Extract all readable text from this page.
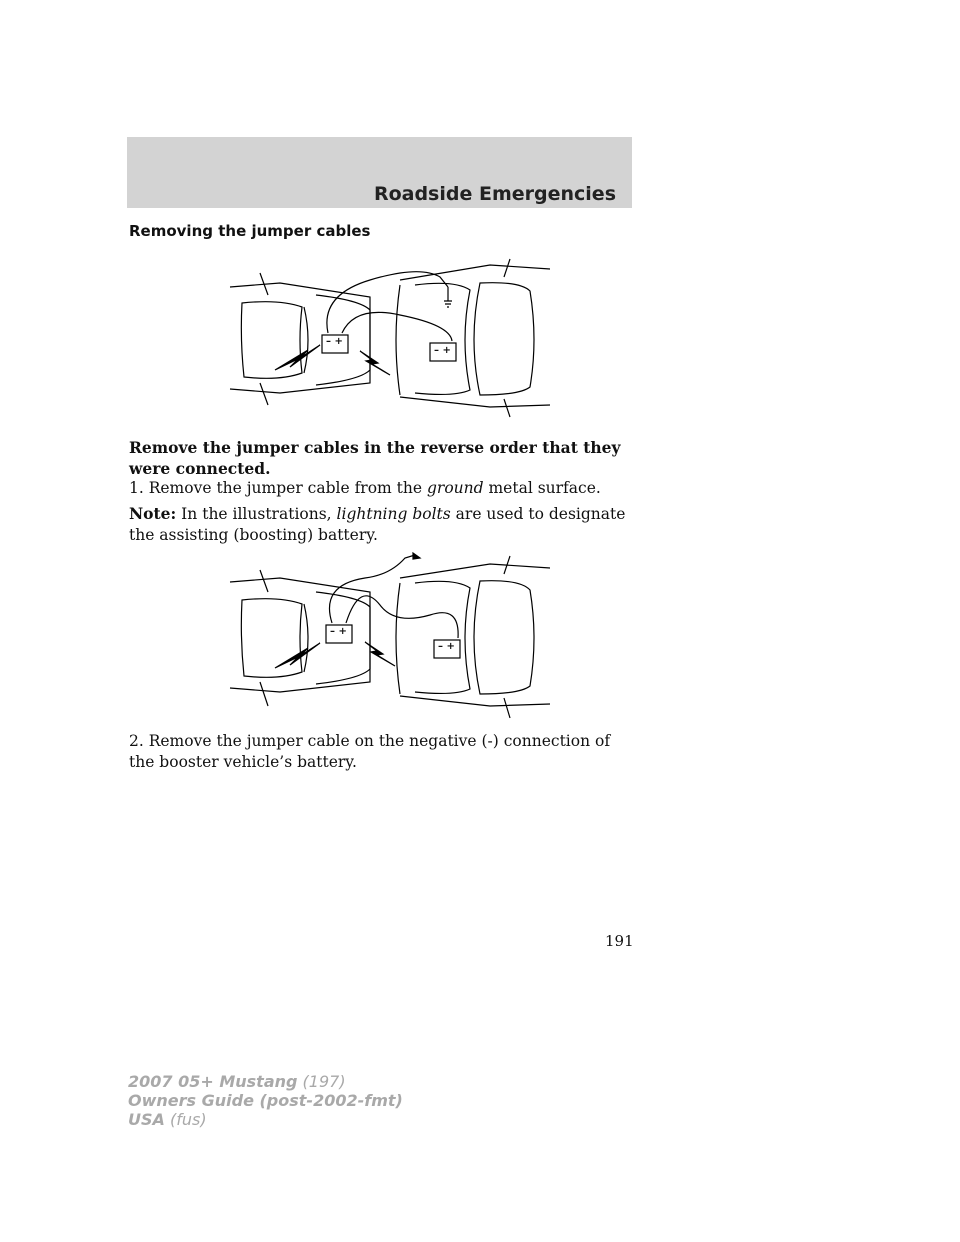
Roadside Emergencies
Removing the jumper cables
– +
– +

Remove the jumper cables in the reverse order that they were connected.

1. Remove the jumper cable from the ground metal surface.

Note: In the illustrations, lightning bolts are used to designate the assisting (boosting) battery.

– +
– +

2. Remove the jumper cable on the negative (-) connection of the booster vehicle’s battery.

191
2007 05+ Mustang (197)
Owners Guide (post-2002-fmt)
USA (fus)
